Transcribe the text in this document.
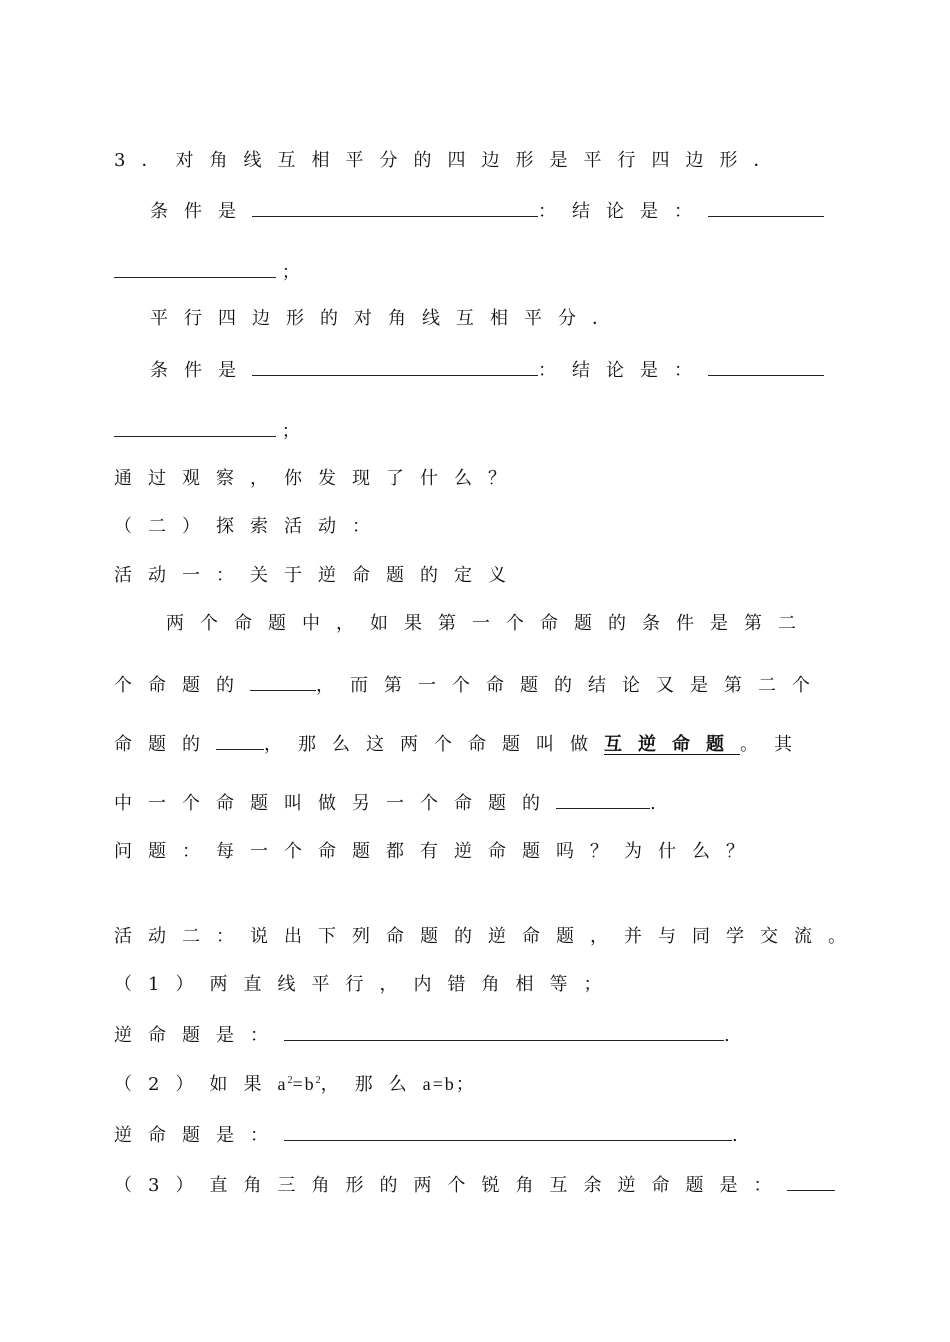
3．对角线互相平分的四边形是平行四边形．
条件是	：结论是：
；
平行四边形的对角线互相平分．
条件是	：结论是：
；
通过观察，你发现了什么？
（二）探索活动：
活动一：关于逆命题的定义
两个命题中，如果第一个命题的条件是第二
个命题的	，而第一个命题的结论又是第二个
命题的	，那么这两个命题叫做互逆命题。其
中一个命题叫做另一个命题的	.
问题：每一个命题都有逆命题吗？为什么？
活动二：说出下列命题的逆命题，并与同学交流。
（1）两直线平行，内错角相等；
逆命题是：	.
（2）如果$a^2=b^2$，那么a=b；
逆命题是：	.
（3）直角三角形的两个锐角互余逆命题是：
